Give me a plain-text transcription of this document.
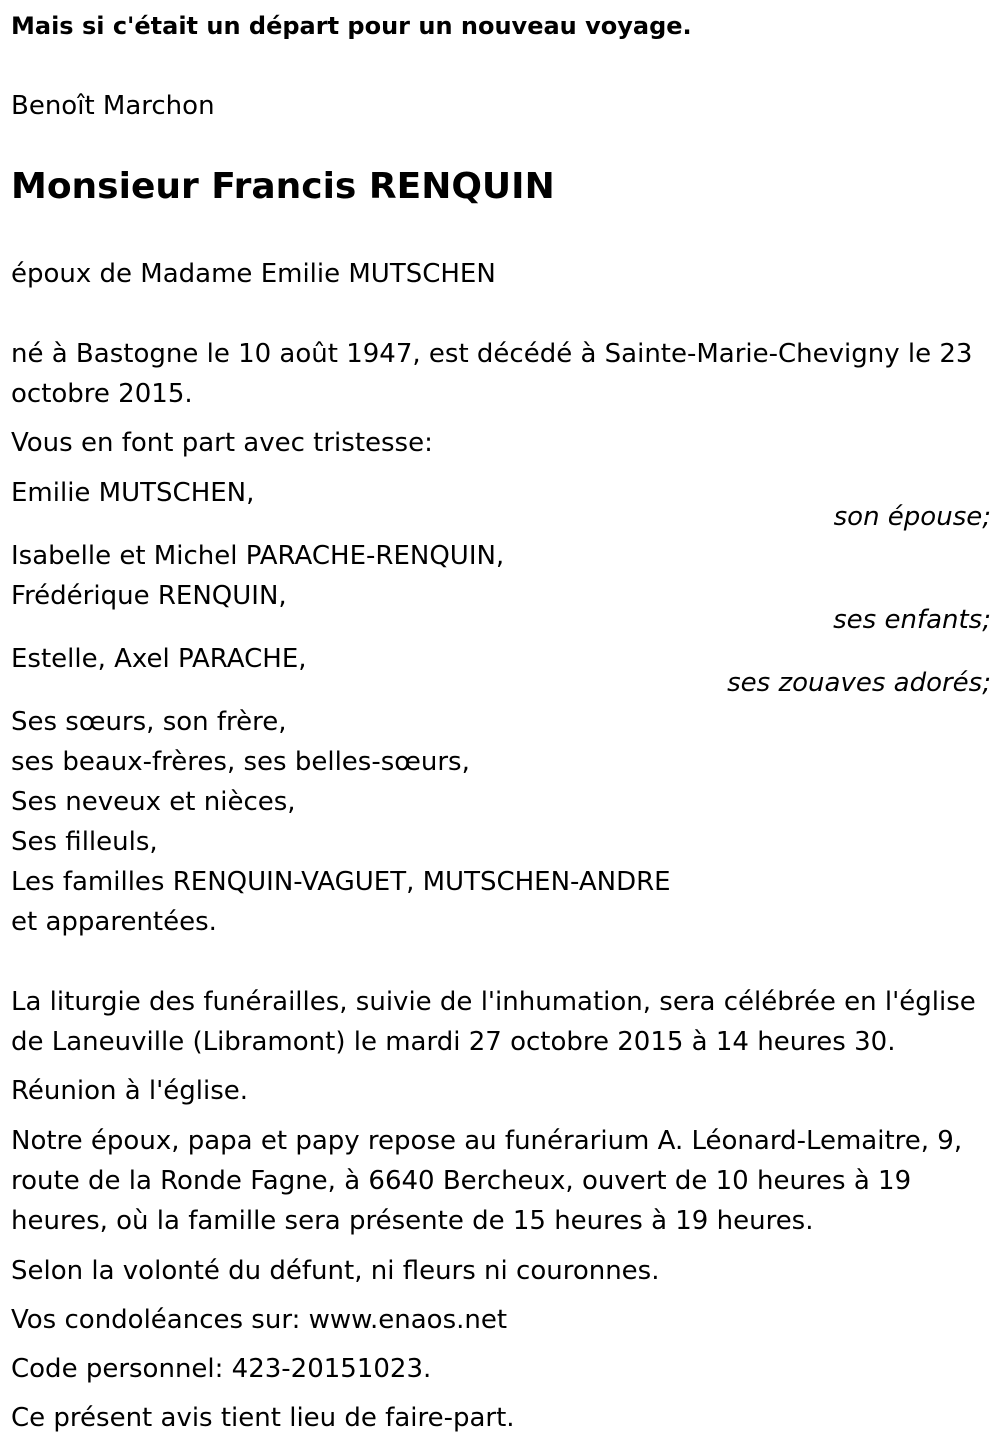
Mais si c'était un départ pour un nouveau voyage.
Benoît Marchon
Monsieur Francis RENQUIN
époux de Madame Emilie MUTSCHEN
né à Bastogne le 10 août 1947, est décédé à Sainte-Marie-Chevigny le 23 octobre 2015.
Vous en font part avec tristesse:
Emilie MUTSCHEN,
son épouse;
Isabelle et Michel PARACHE-RENQUIN,
Frédérique RENQUIN,
ses enfants;
Estelle, Axel PARACHE,
ses zouaves adorés;
Ses sœurs, son frère,
ses beaux-frères, ses belles-sœurs,
Ses neveux et nièces,
Ses filleuls,
Les familles RENQUIN-VAGUET, MUTSCHEN-ANDRE
et apparentées.
La liturgie des funérailles, suivie de l'inhumation, sera célébrée en l'église de Laneuville (Libramont) le mardi 27 octobre 2015 à 14 heures 30.
Réunion à l'église.
Notre époux, papa et papy repose au funérarium A. Léonard-Lemaitre, 9, route de la Ronde Fagne, à 6640 Bercheux, ouvert de 10 heures à 19 heures, où la famille sera présente de 15 heures à 19 heures.
Selon la volonté du défunt, ni fleurs ni couronnes.
Vos condoléances sur: www.enaos.net
Code personnel: 423-20151023.
Ce présent avis tient lieu de faire-part.
